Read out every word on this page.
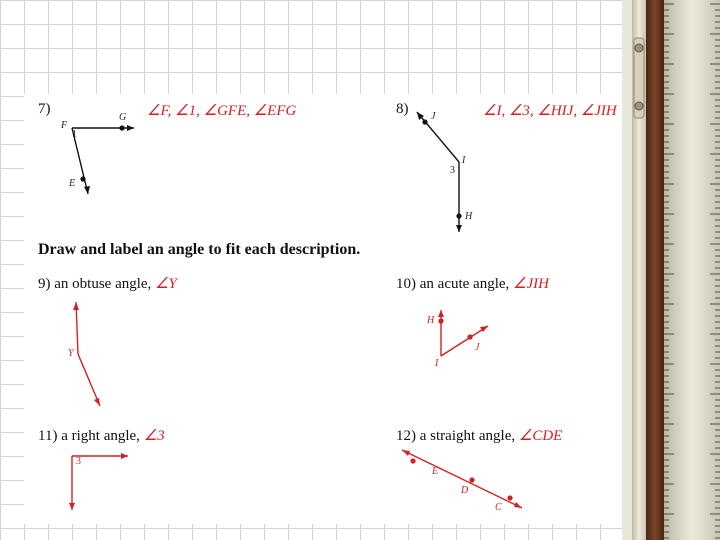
7)	∠F, ∠1, ∠GFE, ∠EFG
F
G
E
1
8)	∠I, ∠3, ∠HIJ, ∠JIH
J
I
H
3
Draw and label an angle to fit each description.
9) an obtuse angle, ∠Y
Y
10) an acute angle, ∠JIH
H
I
J
11) a right angle, ∠3
3
12) a straight angle, ∠CDE
E
D
C
